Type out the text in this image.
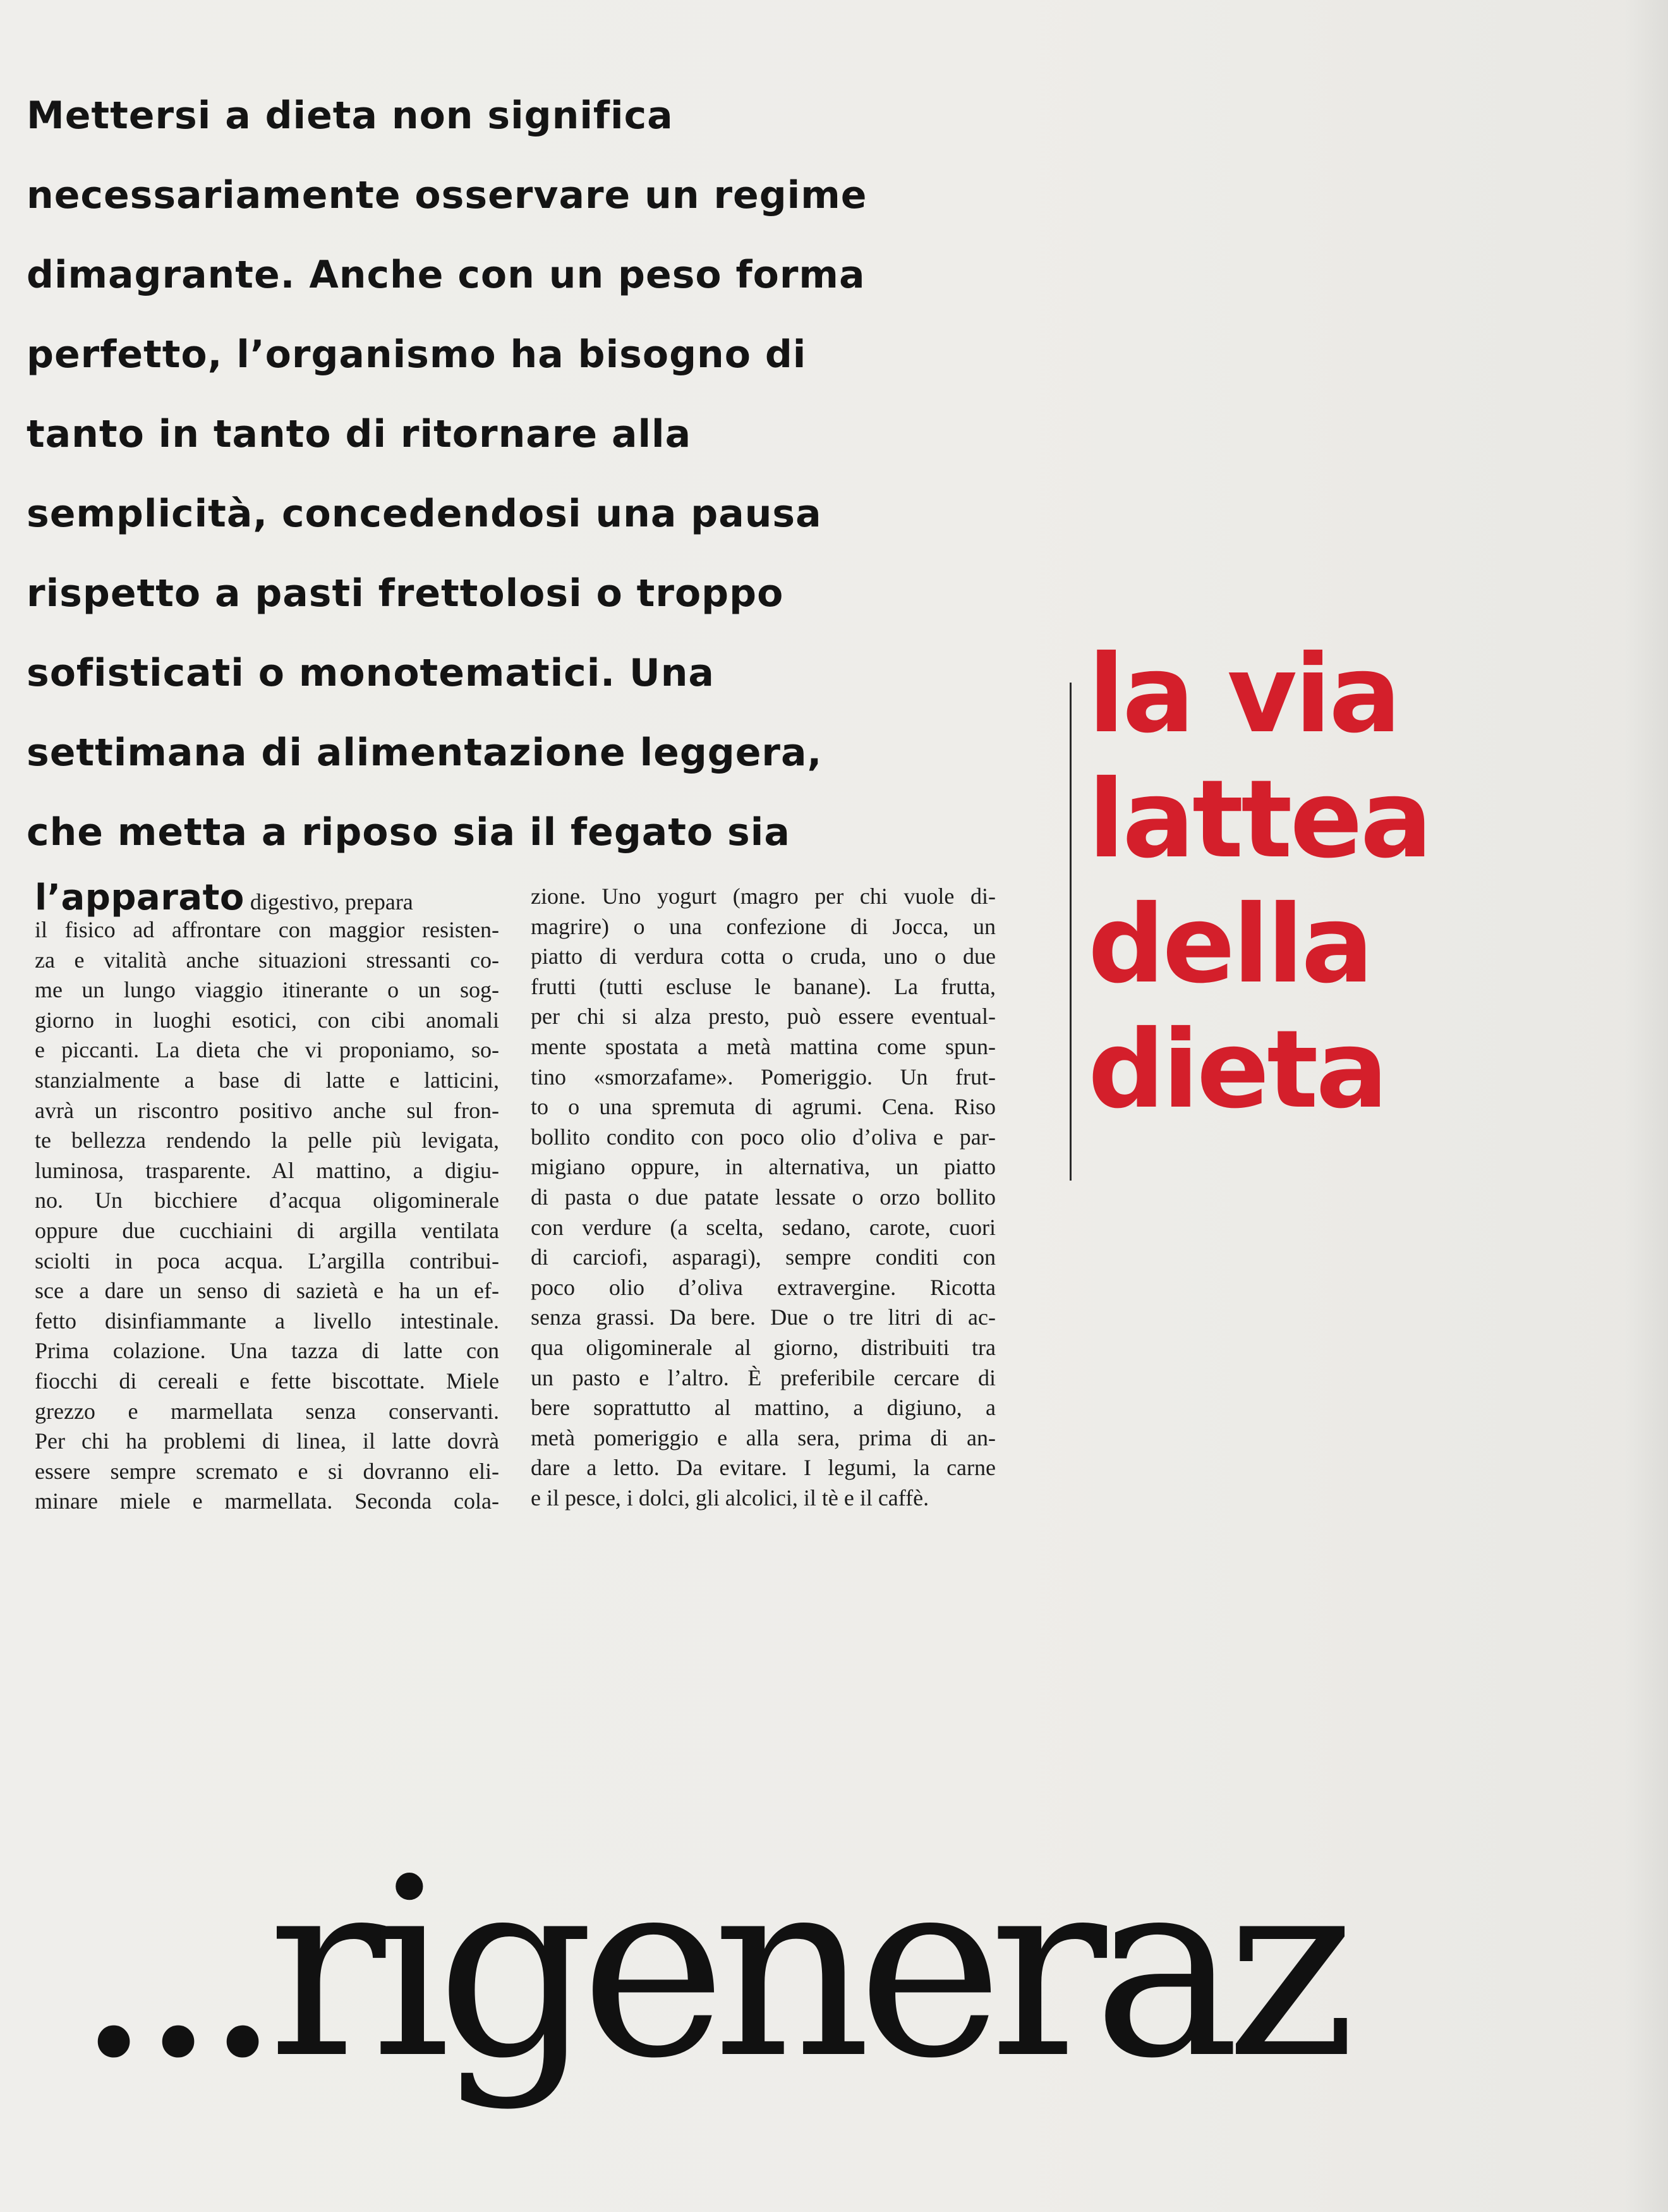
Mettersi a dieta non significa
necessariamente osservare un regime
dimagrante. Anche con un peso forma
perfetto, l’organismo ha bisogno di
tanto in tanto di ritornare alla
semplicità, concedendosi una pausa
rispetto a pasti frettolosi o troppo
sofisticati o monotematici. Una
settimana di alimentazione leggera,
che metta a riposo sia il fegato sia

l’apparato digestivo, prepara
il fisico ad affrontare con maggior resisten-
za e vitalità anche situazioni stressanti co-
me un lungo viaggio itinerante o un sog-
giorno in luoghi esotici, con cibi anomali
e piccanti. La dieta che vi proponiamo, so-
stanzialmente a base di latte e latticini,
avrà un riscontro positivo anche sul fron-
te bellezza rendendo la pelle più levigata,
luminosa, trasparente. Al mattino, a digiu-
no. Un bicchiere d’acqua oligominerale
oppure due cucchiaini di argilla ventilata
sciolti in poca acqua. L’argilla contribui-
sce a dare un senso di sazietà e ha un ef-
fetto disinfiammante a livello intestinale.
Prima colazione. Una tazza di latte con
fiocchi di cereali e fette biscottate. Miele
grezzo e marmellata senza conservanti.
Per chi ha problemi di linea, il latte dovrà
essere sempre scremato e si dovranno eli-
minare miele e marmellata. Seconda cola-
zione. Uno yogurt (magro per chi vuole di-
magrire) o una confezione di Jocca, un
piatto di verdura cotta o cruda, uno o due
frutti (tutti escluse le banane). La frutta,
per chi si alza presto, può essere eventual-
mente spostata a metà mattina come spun-
tino «smorzafame». Pomeriggio. Un frut-
to o una spremuta di agrumi. Cena. Riso
bollito condito con poco olio d’oliva e par-
migiano oppure, in alternativa, un piatto
di pasta o due patate lessate o orzo bollito
con verdure (a scelta, sedano, carote, cuori
di carciofi, asparagi), sempre conditi con
poco olio d’oliva extravergine. Ricotta
senza grassi. Da bere. Due o tre litri di ac-
qua oligominerale al giorno, distribuiti tra
un pasto e l’altro. È preferibile cercare di
bere soprattutto al mattino, a digiuno, a
metà pomeriggio e alla sera, prima di an-
dare a letto. Da evitare. I legumi, la carne
e il pesce, i dolci, gli alcolici, il tè e il caffè.
la via
lattea
della
dieta
...rigeneraz
